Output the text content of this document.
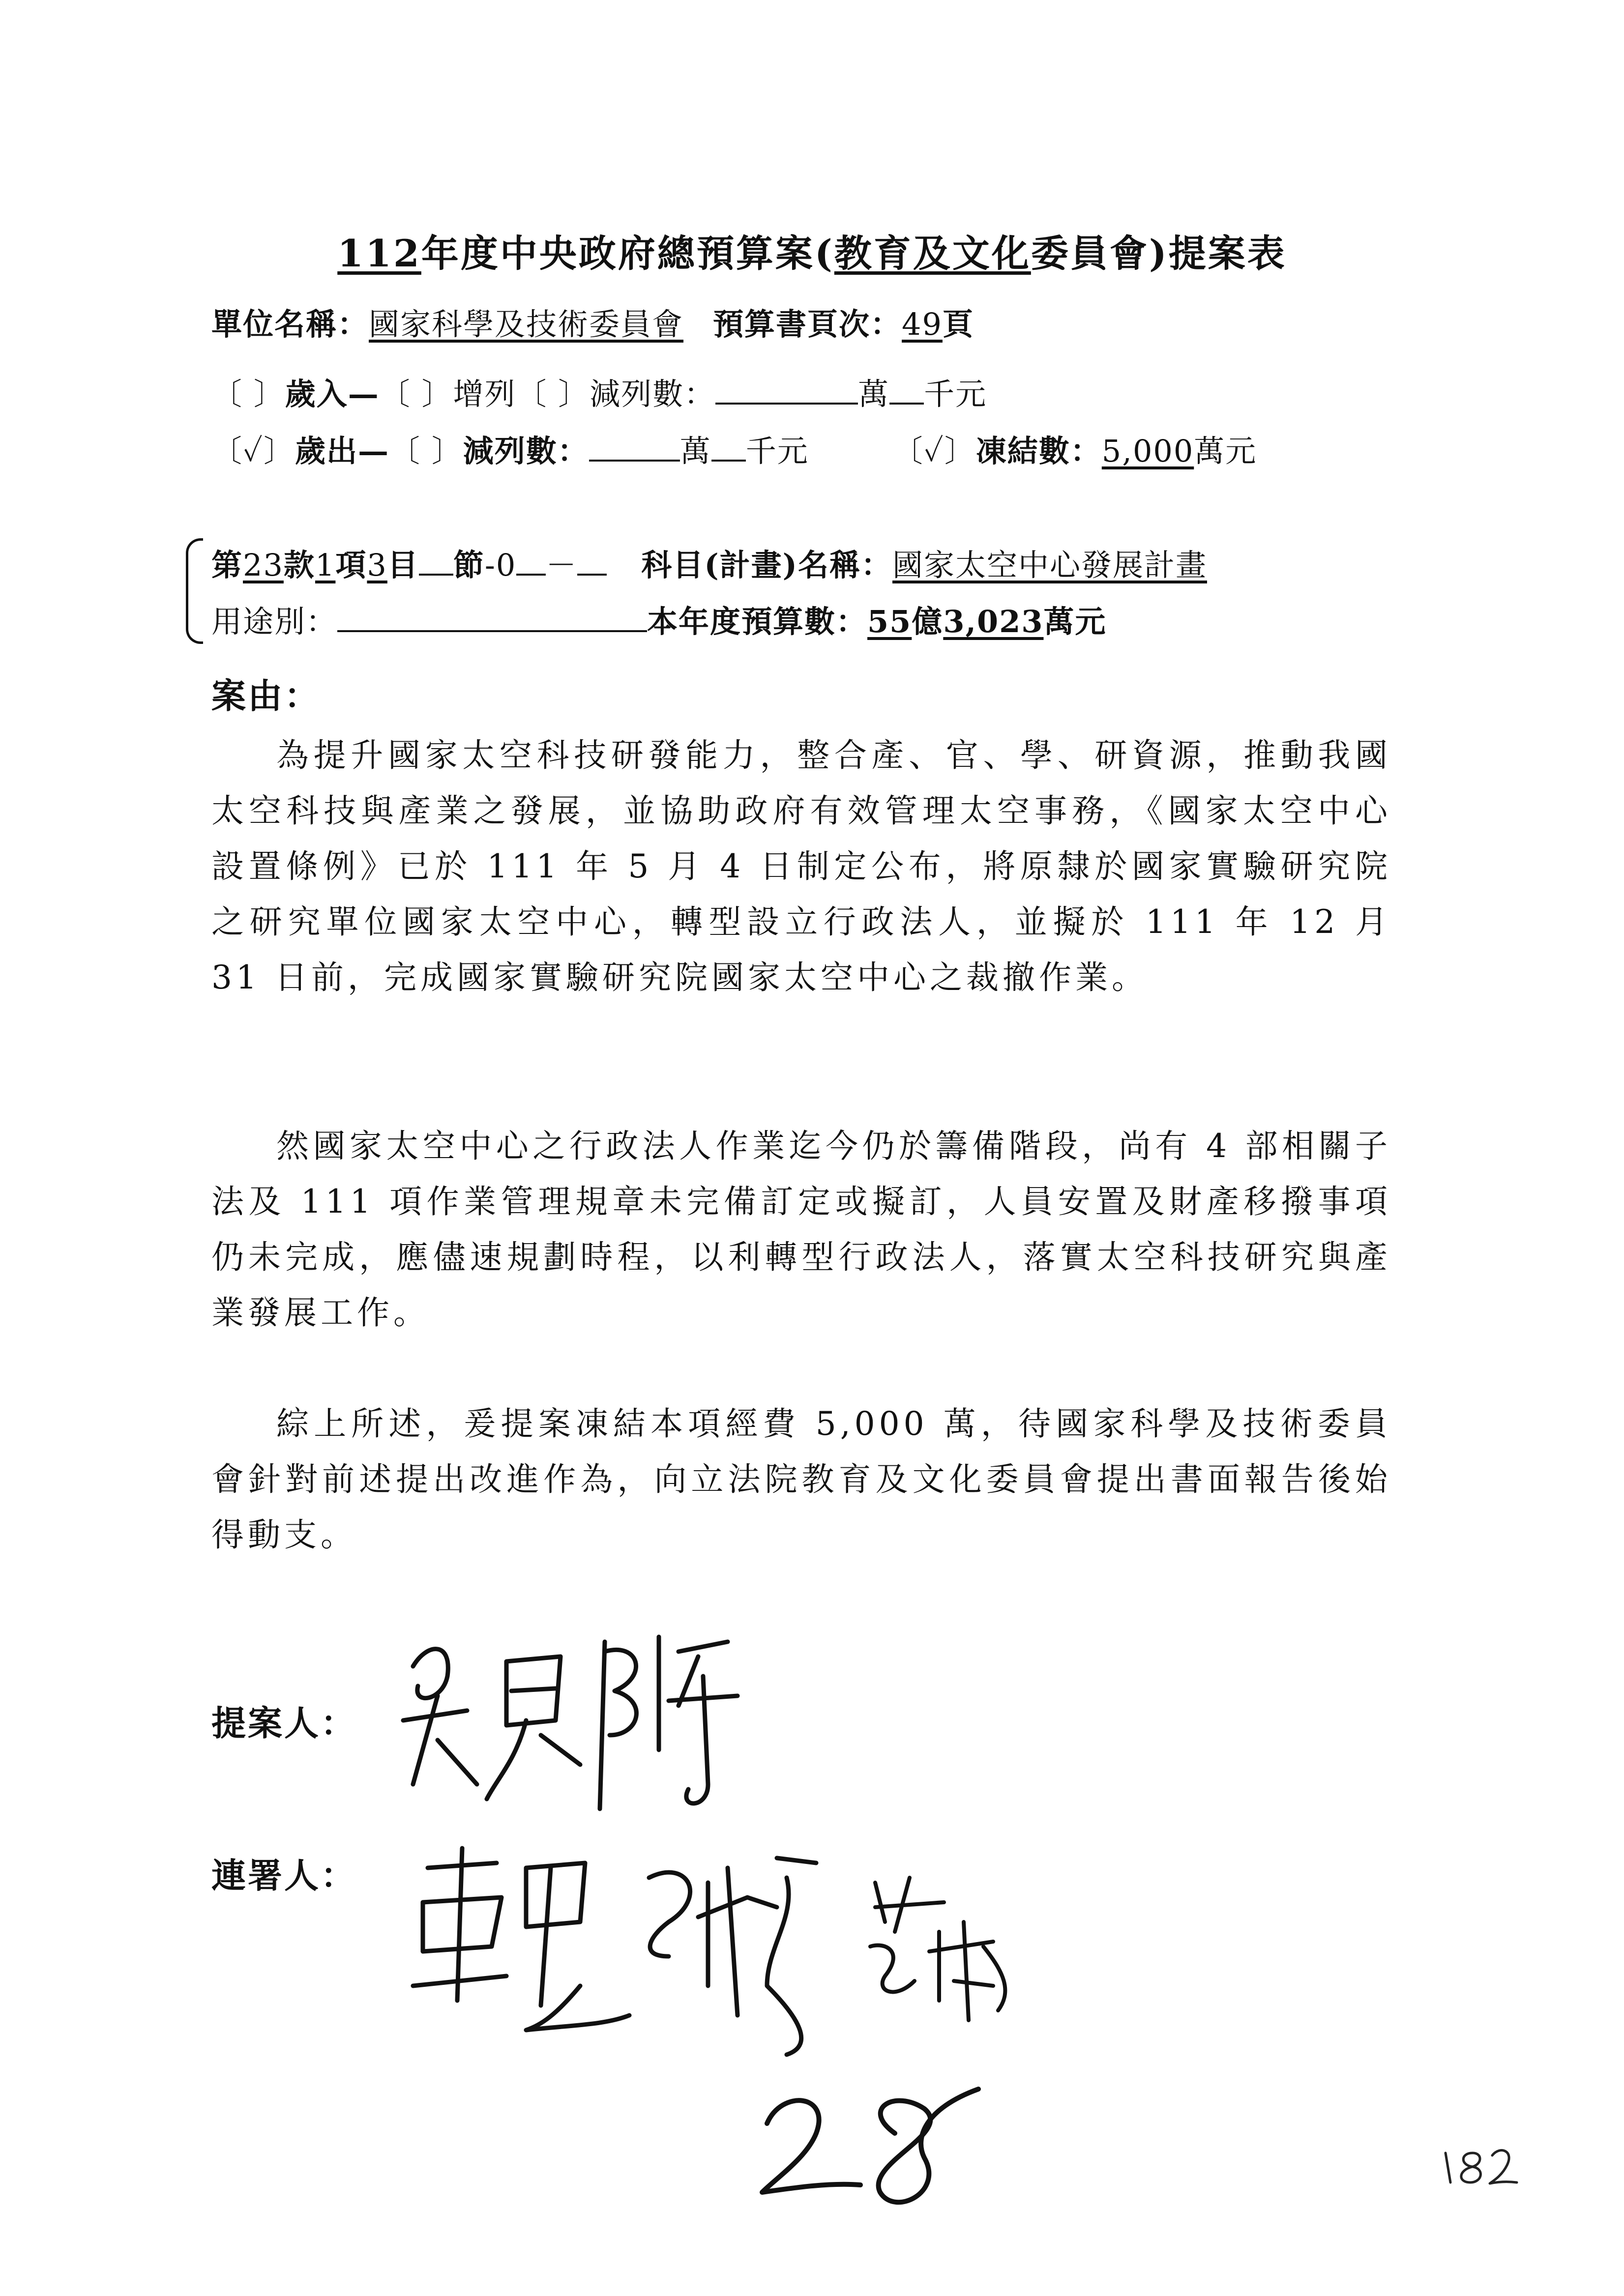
112年度中央政府總預算案(教育及文化委員會)提案表
單位名稱：國家科學及技術委員會 預算書頁次：49頁
〔 〕歲入—〔 〕增列〔 〕減列數：	萬 千元
〔✓〕歲出—〔 〕減列數：	萬 千元	〔✓〕凍結數：5,000萬元
第23款1項3目 節-0 － 科目(計畫)名稱：國家太空中心發展計畫
用途別：	本年度預算數：55億3,023萬元
案由：
為提升國家太空科技研發能力，整合產、官、學、研資源，推動我國太空科技與產業之發展，並協助政府有效管理太空事務，《國家太空中心設置條例》已於 111 年 5 月 4 日制定公布，將原隸於國家實驗研究院之研究單位國家太空中心，轉型設立行政法人，並擬於 111 年 12 月 31 日前，完成國家實驗研究院國家太空中心之裁撤作業。
然國家太空中心之行政法人作業迄今仍於籌備階段，尚有 4 部相關子法及 111 項作業管理規章未完備訂定或擬訂，人員安置及財產移撥事項仍未完成，應儘速規劃時程，以利轉型行政法人，落實太空科技研究與產業發展工作。
綜上所述，爰提案凍結本項經費 5,000 萬，待國家科學及技術委員會針對前述提出改進作為，向立法院教育及文化委員會提出書面報告後始得動支。
提案人：
連署人：
